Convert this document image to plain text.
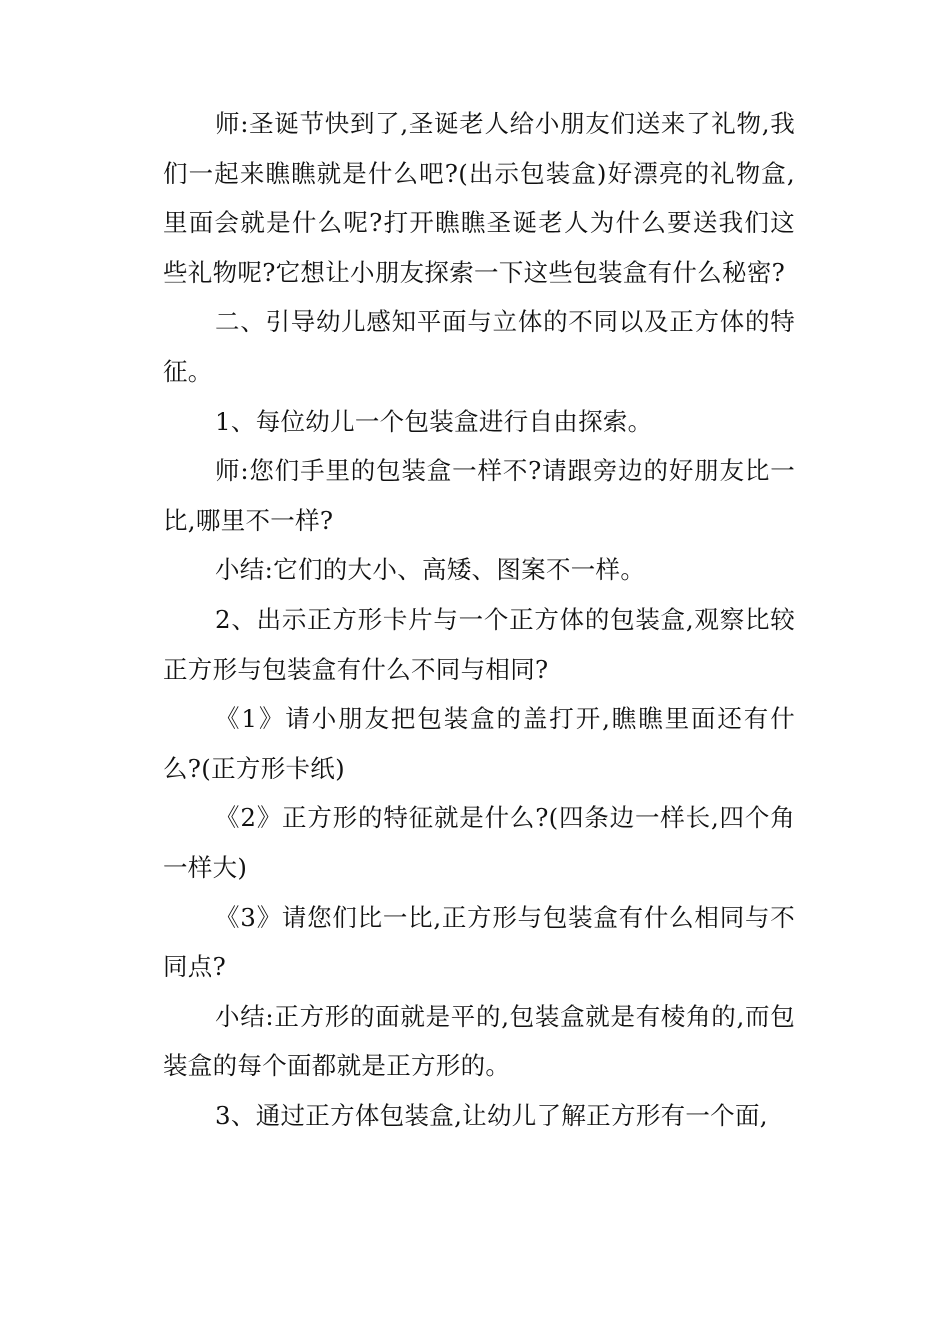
师:圣诞节快到了,圣诞老人给小朋友们送来了礼物,我们一起来瞧瞧就是什么吧?(出示包装盒)好漂亮的礼物盒,里面会就是什么呢?打开瞧瞧圣诞老人为什么要送我们这些礼物呢?它想让小朋友探索一下这些包装盒有什么秘密?

二、引导幼儿感知平面与立体的不同以及正方体的特征。

1、每位幼儿一个包装盒进行自由探索。

师:您们手里的包装盒一样不?请跟旁边的好朋友比一比,哪里不一样?

小结:它们的大小、高矮、图案不一样。

2、出示正方形卡片与一个正方体的包装盒,观察比较正方形与包装盒有什么不同与相同?

《1》请小朋友把包装盒的盖打开,瞧瞧里面还有什么?(正方形卡纸)

《2》正方形的特征就是什么?(四条边一样长,四个角一样大)

《3》请您们比一比,正方形与包装盒有什么相同与不同点?

小结:正方形的面就是平的,包装盒就是有棱角的,而包装盒的每个面都就是正方形的。

3、通过正方体包装盒,让幼儿了解正方形有一个面,
